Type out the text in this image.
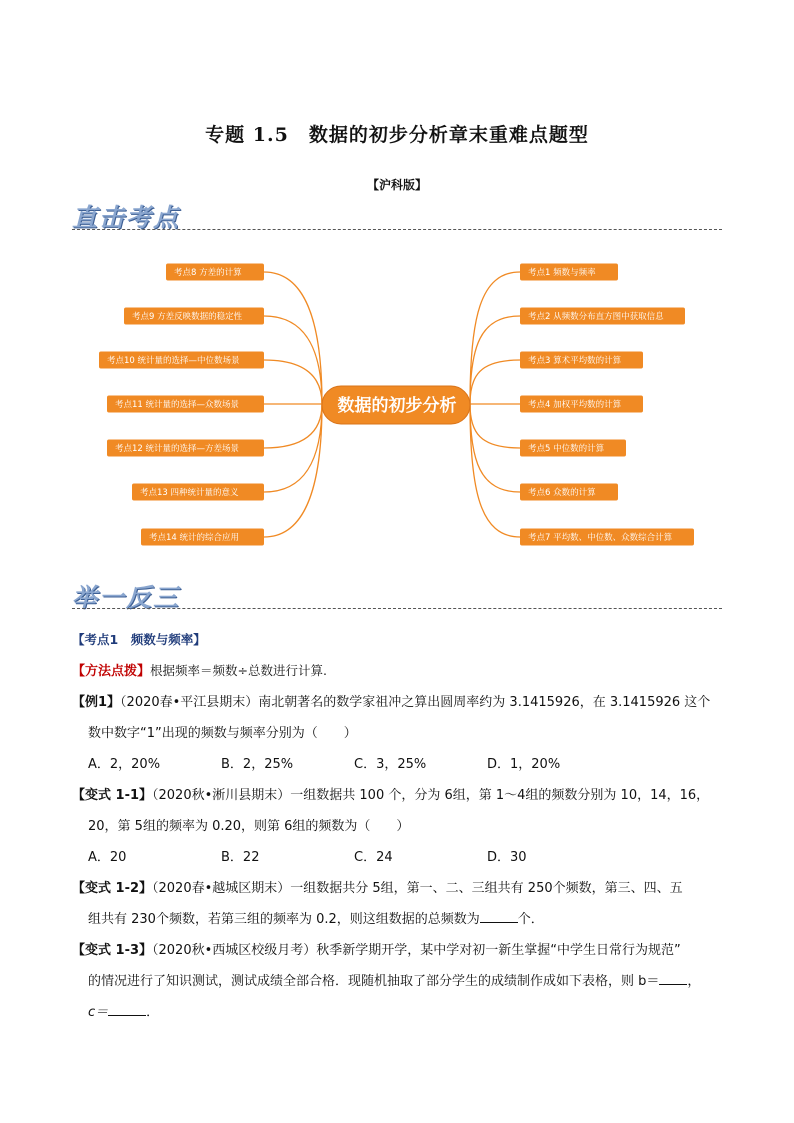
专题 1.5　数据的初步分析章末重难点题型
【沪科版】
直击考点
考点8 方差的计算
考点9 方差反映数据的稳定性
考点10 统计量的选择—中位数场景
考点11 统计量的选择—众数场景
考点12 统计量的选择—方差场景
考点13 四种统计量的意义
考点14 统计的综合应用
考点1 频数与频率
考点2 从频数分布直方图中获取信息
考点3 算术平均数的计算
考点4 加权平均数的计算
考点5 中位数的计算
考点6 众数的计算
考点7 平均数、中位数、众数综合计算
数据的初步分析
举一反三

【考点1　频数与频率】

【方法点拨】根据频率＝频数÷总数进行计算.

【例1】（2020春•平江县期末）南北朝著名的数学家祖冲之算出圆周率约为 3.1415926，在 3.1415926 这个

数中数字“1”出现的频数与频率分别为（　　）

A．2，20%	B．2，25%	C．3，25%	D．1，20%

【变式 1-1】（2020秋•淅川县期末）一组数据共 100 个，分为 6组，第 1～4组的频数分别为 10，14，16，

20，第 5组的频率为 0.20，则第 6组的频数为（　　）

A．20	B．22	C．24	D．30

【变式 1-2】（2020春•越城区期末）一组数据共分 5组，第一、二、三组共有 250个频数，第三、四、五

组共有 230个频数，若第三组的频率为 0.2，则这组数据的总频数为	个．

【变式 1-3】（2020秋•西城区校级月考）秋季新学期开学，某中学对初一新生掌握“中学生日常行为规范”

的情况进行了知识测试，测试成绩全部合格．现随机抽取了部分学生的成绩制作成如下表格，则 b＝ ，

c＝	．
